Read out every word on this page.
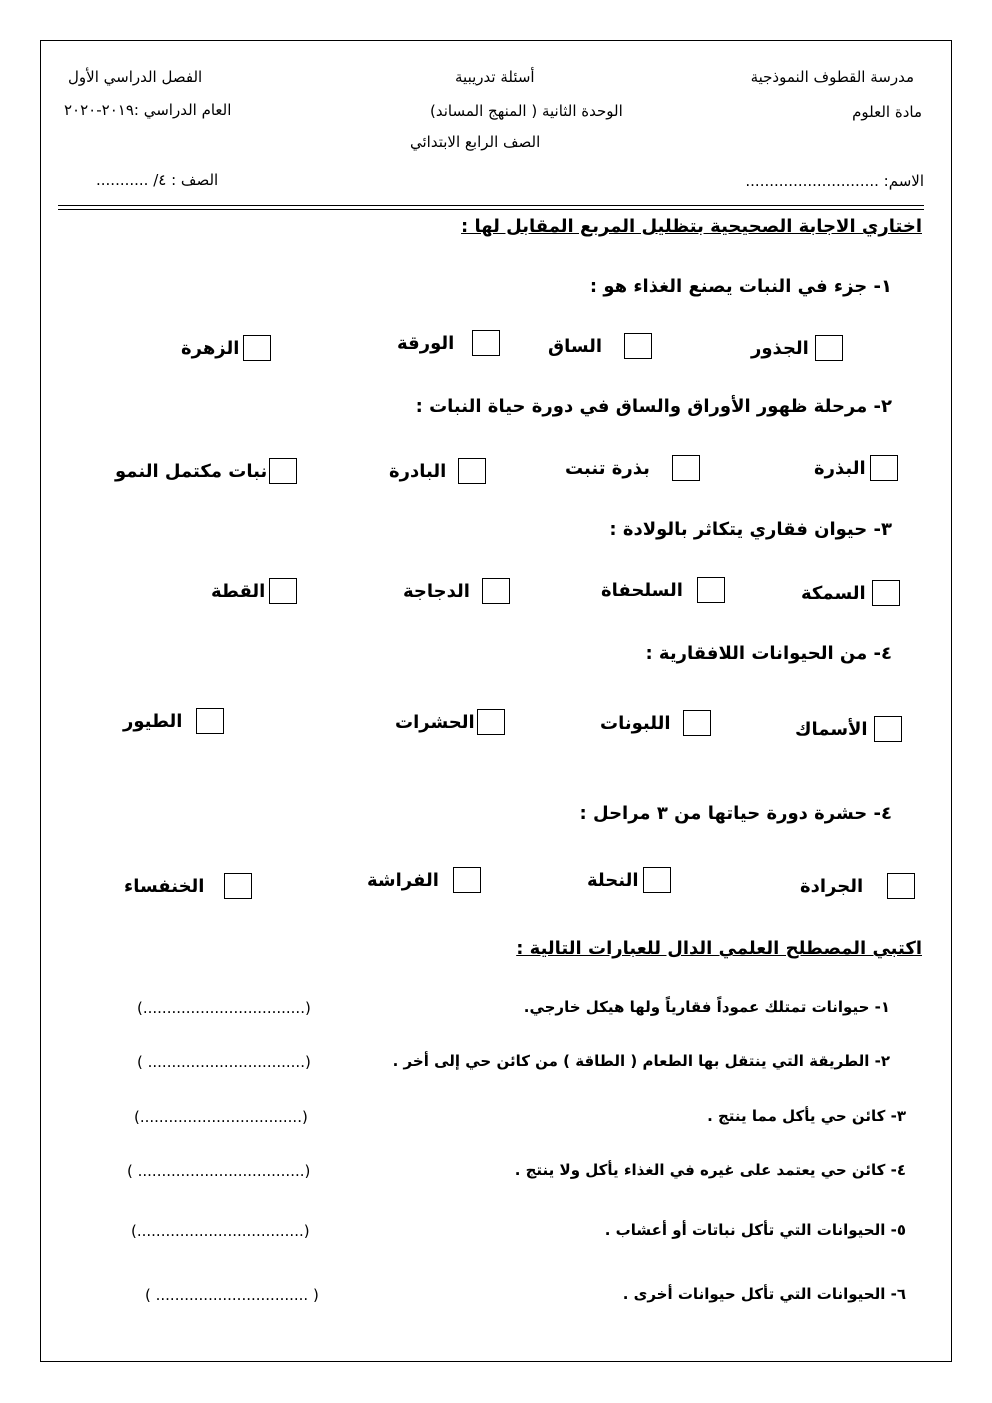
مدرسة القطوف النموذجية
مادة العلوم
أسئلة تدريبية
الوحدة الثانية ( المنهج المساند)
الصف الرابع الابتدائي
الفصل الدراسي الأول
العام الدراسي :٢٠١٩-٢٠٢٠
الاسم: ............................
الصف : ٤/ ...........
اختاري الاجابة الصحيحية بتظليل المربع المقابل لها :
١- جزء في النبات يصنع الغذاء هو :
الجذور
الساق
الورقة
الزهرة
٢- مرحلة ظهور الأوراق والساق في دورة حياة النبات :
البذرة
بذرة تنبت
البادرة
نبات مكتمل النمو
٣- حيوان فقاري يتكاثر بالولادة :
السمكة
السلحفاة
الدجاجة
القطة
٤- من الحيوانات اللافقارية :
الأسماك
اللبونات
الحشرات
الطيور
٤- حشرة دورة حياتها من ٣ مراحل :
الجرادة
النحلة
الفراشة
الخنفساء
اكتبي المصطلح العلمي الدال للعبارات التالية :
١- حيوانات تمتلك عموداً فقارياً ولها هيكل خارجي.
(..................................)
٢- الطريقة التي ينتقل بها الطعام ( الطاقة ) من كائن حي إلى أخر .
( .................................)
٣- كائن حي يأكل مما ينتج .
(..................................)
٤- كائن حي يعتمد على غيره في الغذاء يأكل ولا ينتج .
( ...................................)
٥- الحيوانات التي تأكل نباتات أو أعشاب .
(...................................)
٦- الحيوانات التي تأكل حيوانات أخرى .
( ................................ )
